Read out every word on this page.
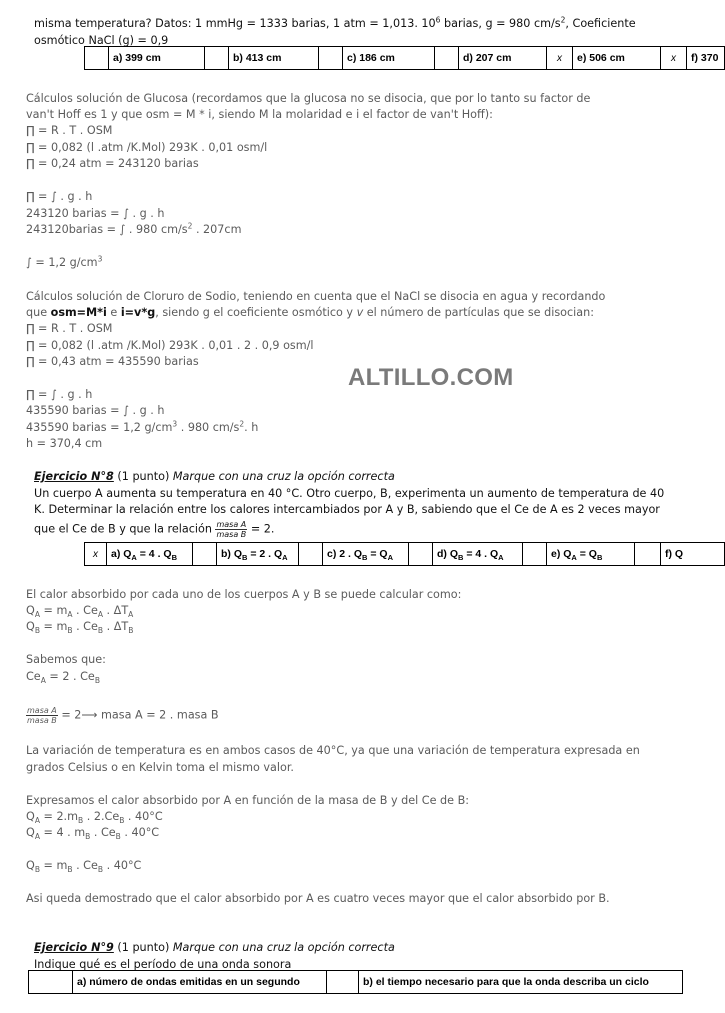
misma temperatura? Datos: 1 mmHg = 1333 barias, 1 atm = 1,013. $10^6$ barias, g = 980 $cm/s^2$, Coeficiente
osmótico NaCl (g) = 0,9
	a) 399 cm		b) 413 cm		c) 186 cm		d) 207 cm	x	e) 506 cm	x	f) 370
Cálculos solución de Glucosa (recordamos que la glucosa no se disocia, que por lo tanto su factor de
van't Hoff es 1 y que osm = M * i, siendo M la molaridad e i el factor de van't Hoff):
∏ = R . T . OSM
∏ = 0,082 (l .atm /K.Mol) 293K . 0,01 osm/l
∏ = 0,24 atm = 243120 barias
∏ = ∫ . g . h
243120 barias = ∫ . g . h
243120barias = ∫ . 980 $cm/s^2$ . 207cm
∫ = 1,2 $g/cm^3$
Cálculos solución de Cloruro de Sodio, teniendo en cuenta que el NaCl se disocia en agua y recordando
que osm=M*i e i=v*g, siendo g el coeficiente osmótico y v el número de partículas que se disocian:
∏ = R . T . OSM
∏ = 0,082 (l .atm /K.Mol) 293K . 0,01 . 2 . 0,9 osm/l
∏ = 0,43 atm = 435590 barias
ALTILLO.COM
∏ = ∫ . g . h
435590 barias = ∫ . g . h
435590 barias = 1,2 $g/cm^3$ . 980 $cm/s^2$. h
h = 370,4 cm
Ejercicio N°8 (1 punto) Marque con una cruz la opción correcta
Un cuerpo A aumenta su temperatura en 40 °C. Otro cuerpo, B, experimenta un aumento de temperatura de 40
K. Determinar la relación entre los calores intercambiados por A y B, sabiendo que el Ce de A es 2 veces mayor
que el Ce de B y que la relación $\frac{\text{masa A}}{\text{masa B}} = 2$.
x	a) $Q_A = 4$ . $Q_B$		b) $Q_B = 2$ . $Q_A$		c) 2 . $Q_B = Q_A$		d) $Q_B = 4$ . $Q_A$		e) $Q_A = Q_B$		f) Q
El calor absorbido por cada uno de los cuerpos A y B se puede calcular como:
$Q_A = m_A$ . $Ce_A$ . $\Delta T_A$
$Q_B = m_B$ . $Ce_B$ . $\Delta T_B$
Sabemos que:
$Ce_A = 2$ . $Ce_B$
$\frac{\text{masa A}}{\text{masa B}}$ = 2⟶ masa A = 2 . masa B
La variación de temperatura es en ambos casos de 40°C, ya que una variación de temperatura expresada en
grados Celsius o en Kelvin toma el mismo valor.
Expresamos el calor absorbido por A en función de la masa de B y del Ce de B:
$Q_A = 2.m_B$ . $2.Ce_B$ . 40°C
$Q_A = 4$ . $m_B$ . $Ce_B$ . 40°C
$Q_B = m_B$ . $Ce_B$ . 40°C
Asi queda demostrado que el calor absorbido por A es cuatro veces mayor que el calor absorbido por B.
Ejercicio N°9 (1 punto) Marque con una cruz la opción correcta
Indique qué es el período de una onda sonora
	a) número de ondas emitidas en un segundo		b) el tiempo necesario para que la onda describa un ciclo
